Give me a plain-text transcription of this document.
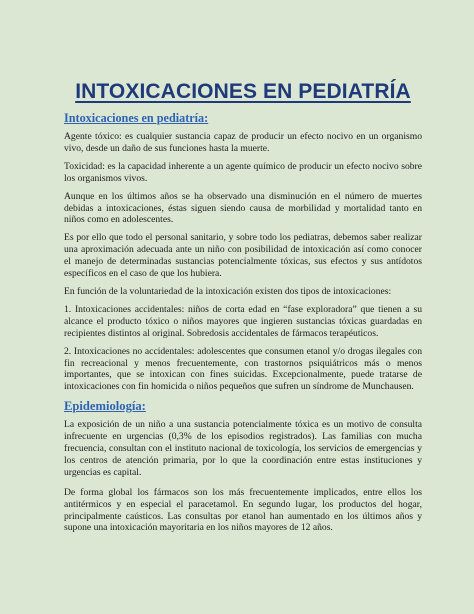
INTOXICACIONES EN PEDIATRÍA
Intoxicaciones en pediatría:

Agente tóxico: es cualquier sustancia capaz de producir un efecto nocivo en un organismo vivo, desde un daño de sus funciones hasta la muerte.

Toxicidad: es la capacidad inherente a un agente químico de producir un efecto nocivo sobre los organismos vivos.

Aunque en los últimos años se ha observado una disminución en el número de muertes debidas a intoxicaciones, éstas siguen siendo causa de morbilidad y mortalidad tanto en niños como en adolescentes.

Es por ello que todo el personal sanitario, y sobre todo los pediatras, debemos saber realizar una aproximación adecuada ante un niño con posibilidad de intoxicación así como conocer el manejo de determinadas sustancias potencialmente tóxicas, sus efectos y sus antídotos específicos en el caso de que los hubiera.

En función de la voluntariedad de la intoxicación existen dos tipos de intoxicaciones:

1. Intoxicaciones accidentales: niños de corta edad en “fase exploradora” que tienen a su alcance el producto tóxico o niños mayores que ingieren sustancias tóxicas guardadas en recipientes distintos al original. Sobredosis accidentales de fármacos terapéuticos.

2. Intoxicaciones no accidentales: adolescentes que consumen etanol y/o drogas ilegales con fin recreacional y menos frecuentemente, con trastornos psiquiátricos más o menos importantes, que se intoxican con fines suicidas. Excepcionalmente, puede tratarse de intoxicaciones con fin homicida o niños pequeños que sufren un síndrome de Munchausen.

Epidemiología:

La exposición de un niño a una sustancia potencialmente tóxica es un motivo de consulta infrecuente en urgencias (0,3% de los episodios registrados). Las familias con mucha frecuencia, consultan con el instituto nacional de toxicología, los servicios de emergencias y los centros de atención primaria, por lo que la coordinación entre estas instituciones y urgencias es capital.

De forma global los fármacos son los más frecuentemente implicados, entre ellos los antitérmicos y en especial el paracetamol. En segundo lugar, los productos del hogar, principalmente caústicos. Las consultas por etanol han aumentado en los últimos años y supone una intoxicación mayoritaria en los niños mayores de 12 años.
